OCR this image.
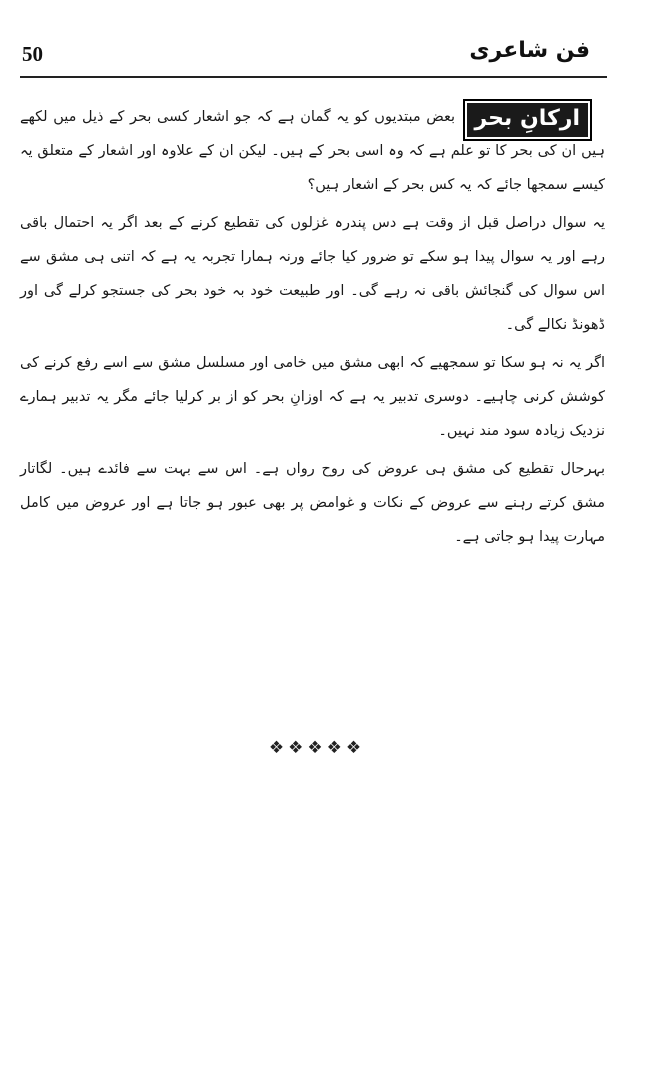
50	فن شاعری
ارکانِ بحر

بعض مبتدیوں کو یہ گمان ہے کہ جو اشعار کسی بحر کے ذیل میں لکھے ہیں ان کی بحر کا تو علم ہے کہ وہ اسی بحر کے ہیں۔ لیکن ان کے علاوہ اور اشعار کے متعلق یہ کیسے سمجھا جائے کہ یہ کس بحر کے اشعار ہیں؟

یہ سوال دراصل قبل از وقت ہے دس پندرہ غزلوں کی تقطیع کرنے کے بعد اگر یہ احتمال باقی رہے اور یہ سوال پیدا ہو سکے تو ضرور کیا جائے ورنہ ہمارا تجربہ یہ ہے کہ اتنی ہی مشق سے اس سوال کی گنجائش باقی نہ رہے گی۔ اور طبیعت خود بہ خود بحر کی جستجو کرلے گی اور ڈھونڈ نکالے گی۔

اگر یہ نہ ہو سکا تو سمجھیے کہ ابھی مشق میں خامی اور مسلسل مشق سے اسے رفع کرنے کی کوشش کرنی چاہیے۔ دوسری تدبیر یہ ہے کہ اوزانِ بحر کو از بر کرلیا جائے مگر یہ تدبیر ہمارے نزدیک زیادہ سود مند نہیں۔

بہرحال تقطیع کی مشق ہی عروض کی روح رواں ہے۔ اس سے بہت سے فائدے ہیں۔ لگاتار مشق کرتے رہنے سے عروض کے نکات و غوامض پر بھی عبور ہو جاتا ہے اور عروض میں کامل مہارت پیدا ہو جاتی ہے۔

❖❖❖❖❖
